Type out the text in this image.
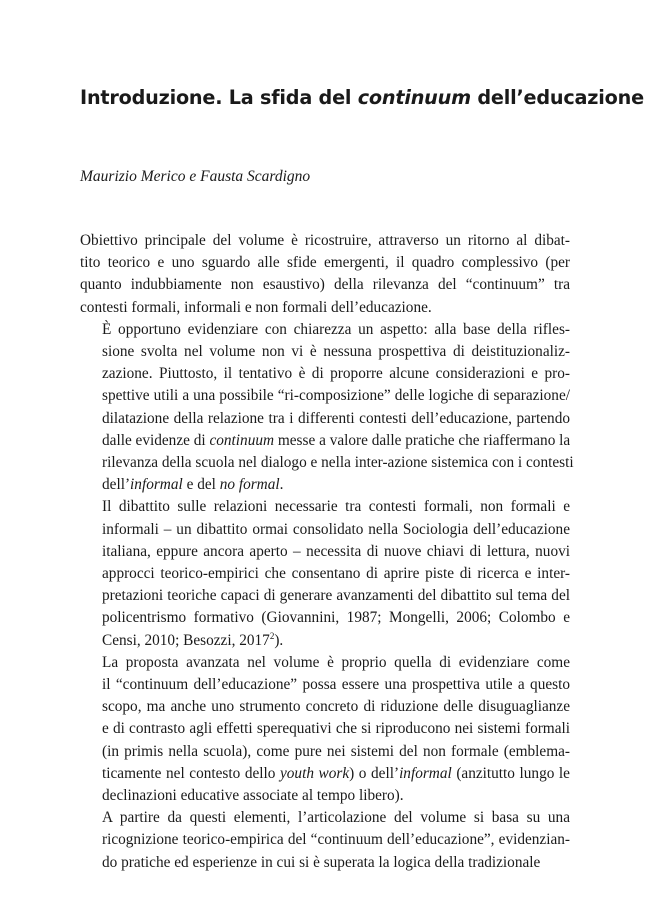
Introduzione. La sfida del continuum dell’educazione

Maurizio Merico e Fausta Scardigno

Obiettivo principale del volume è ricostruire, attraverso un ritorno al dibat-
tito teorico e uno sguardo alle sfide emergenti, il quadro complessivo (per
quanto indubbiamente non esaustivo) della rilevanza del “continuum” tra
contesti formali, informali e non formali dell’educazione.

È opportuno evidenziare con chiarezza un aspetto: alla base della rifles-
sione svolta nel volume non vi è nessuna prospettiva di deistituzionaliz-
zazione. Piuttosto, il tentativo è di proporre alcune considerazioni e pro-
spettive utili a una possibile “ri-composizione” delle logiche di separazione/
dilatazione della relazione tra i differenti contesti dell’educazione, partendo
dalle evidenze di continuum messe a valore dalle pratiche che riaffermano la
rilevanza della scuola nel dialogo e nella inter-azione sistemica con i contesti
dell’informal e del no formal.

Il dibattito sulle relazioni necessarie tra contesti formali, non formali e
informali – un dibattito ormai consolidato nella Sociologia dell’educazione
italiana, eppure ancora aperto – necessita di nuove chiavi di lettura, nuovi
approcci teorico-empirici che consentano di aprire piste di ricerca e inter-
pretazioni teoriche capaci di generare avanzamenti del dibattito sul tema del
policentrismo formativo (Giovannini, 1987; Mongelli, 2006; Colombo e
Censi, 2010; Besozzi, 2017$^2$).

La proposta avanzata nel volume è proprio quella di evidenziare come
il “continuum dell’educazione” possa essere una prospettiva utile a questo
scopo, ma anche uno strumento concreto di riduzione delle disuguaglianze
e di contrasto agli effetti sperequativi che si riproducono nei sistemi formali
(in primis nella scuola), come pure nei sistemi del non formale (emblema-
ticamente nel contesto dello youth work) o dell’informal (anzitutto lungo le
declinazioni educative associate al tempo libero).

A partire da questi elementi, l’articolazione del volume si basa su una
ricognizione teorico-empirica del “continuum dell’educazione”, evidenzian-
do pratiche ed esperienze in cui si è superata la logica della tradizionale
